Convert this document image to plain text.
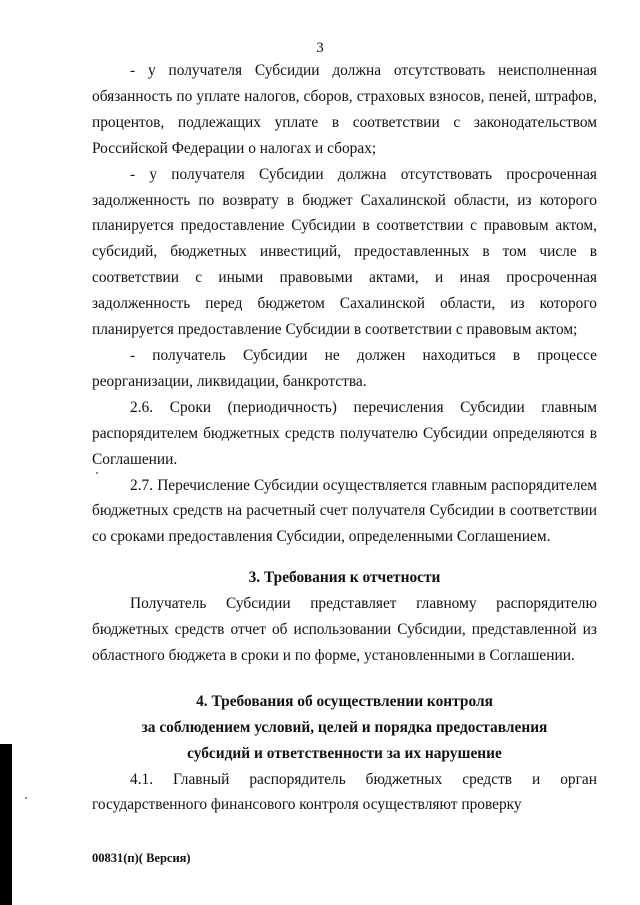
3

- у получателя Субсидии должна отсутствовать неисполненная обязанность по уплате налогов, сборов, страховых взносов, пеней, штрафов, процентов, подлежащих уплате в соответствии с законодательством Российской Федерации о налогах и сборах;

- у получателя Субсидии должна отсутствовать просроченная задолженность по возврату в бюджет Сахалинской области, из которого планируется предоставление Субсидии в соответствии с правовым актом, субсидий, бюджетных инвестиций, предоставленных в том числе в соответствии с иными правовыми актами, и иная просроченная задолженность перед бюджетом Сахалинской области, из которого планируется предоставление Субсидии в соответствии с правовым актом;

- получатель Субсидии не должен находиться в процессе реорганизации, ликвидации, банкротства.

2.6. Сроки (периодичность) перечисления Субсидии главным распорядителем бюджетных средств получателю Субсидии определяются в Соглашении.

2.7. Перечисление Субсидии осуществляется главным распорядителем бюджетных средств на расчетный счет получателя Субсидии в соответствии со сроками предоставления Субсидии, определенными Соглашением.

3. Требования к отчетности

Получатель Субсидии представляет главному распорядителю бюджетных средств отчет об использовании Субсидии, представленной из областного бюджета в сроки и по форме, установленными в Соглашении.

4. Требования об осуществлении контроля

за соблюдением условий, целей и порядка предоставления

субсидий и ответственности за их нарушение

4.1. Главный распорядитель бюджетных средств и орган государственного финансового контроля осуществляют проверку

00831(п)( Версия)
